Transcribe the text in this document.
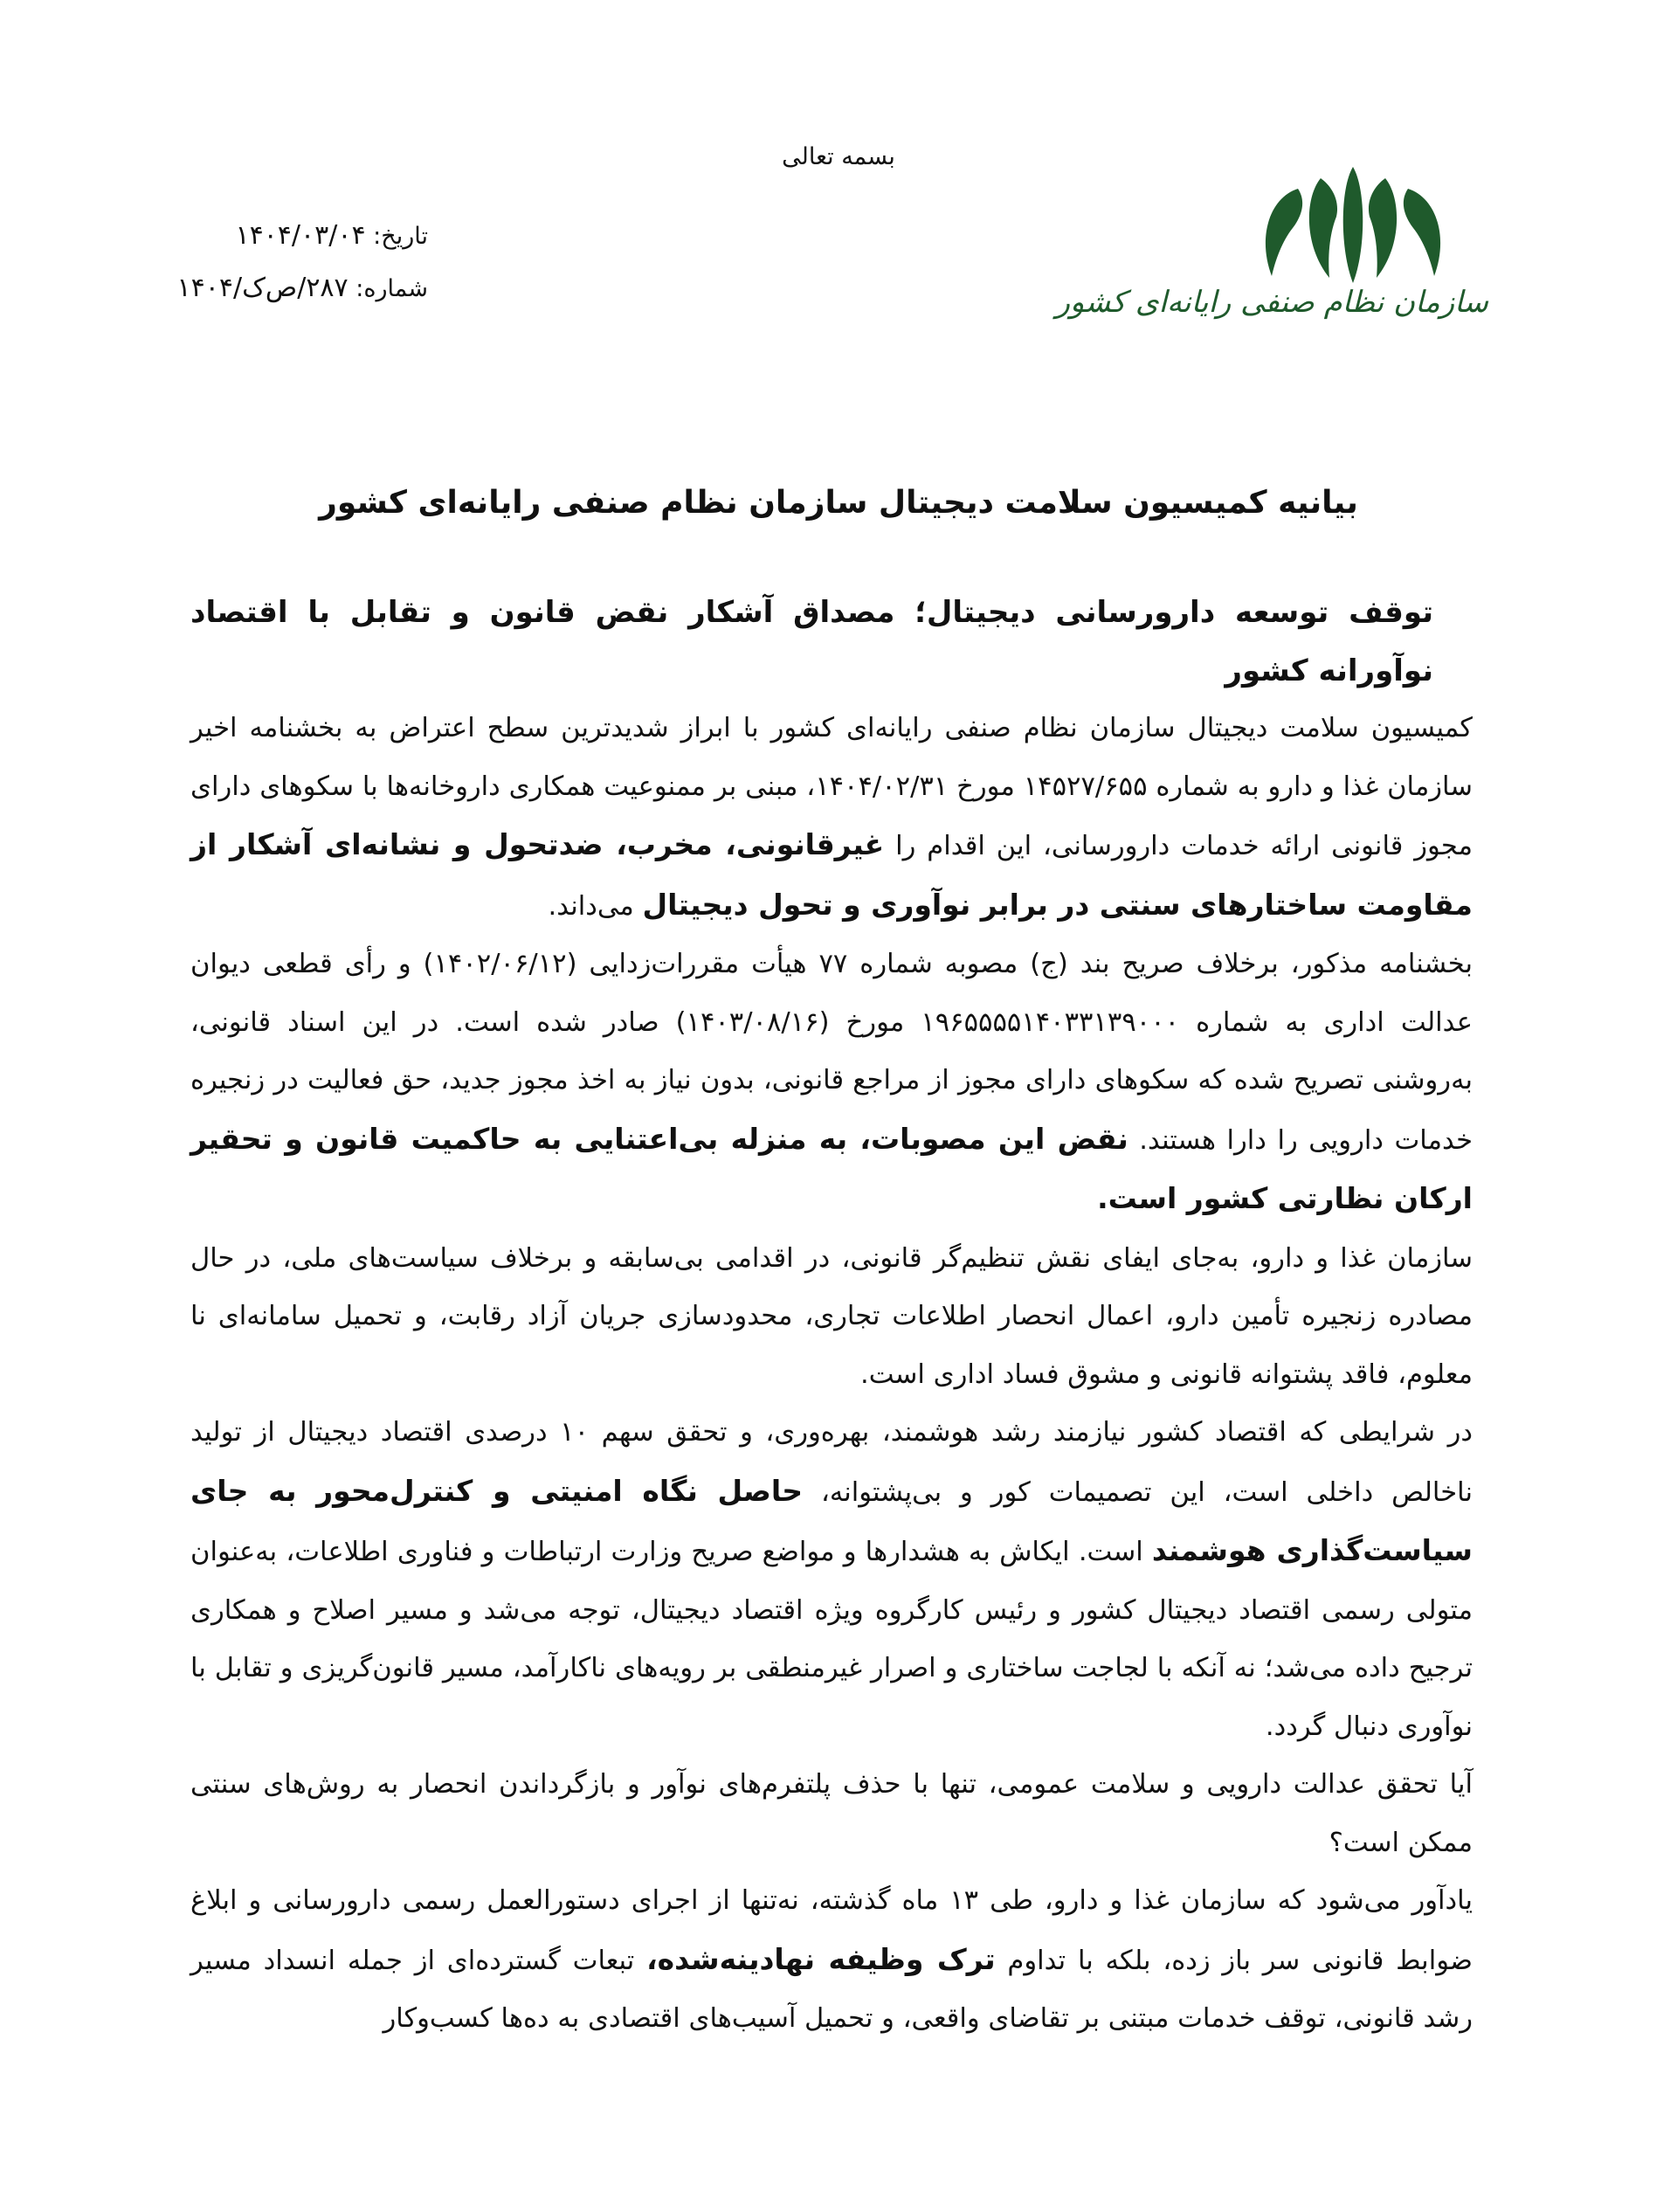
بسمه تعالی
سازمان نظام صنفی رایانه‌ای کشور
تاریخ: ۱۴۰۴/۰۳/۰۴
شماره: ۲۸۷/ص‌ک/۱۴۰۴
بیانیه کمیسیون سلامت دیجیتال سازمان نظام صنفی رایانه‌ای کشور

توقف توسعه دارورسانی دیجیتال؛ مصداق آشکار نقض قانون و تقابل با اقتصاد نوآورانه کشور

کمیسیون سلامت دیجیتال سازمان نظام صنفی رایانه‌ای کشور با ابراز شدیدترین سطح اعتراض به بخشنامه اخیر سازمان غذا و دارو به شماره ۱۴۵۲۷/۶۵۵ مورخ ۱۴۰۴/۰۲/۳۱، مبنی بر ممنوعیت همکاری داروخانه‌ها با سکوهای دارای مجوز قانونی ارائه خدمات دارورسانی، این اقدام را غیرقانونی، مخرب، ضدتحول و نشانه‌ای آشکار از مقاومت ساختارهای سنتی در برابر نوآوری و تحول دیجیتال می‌داند.

بخشنامه مذکور، برخلاف صریح بند (ج) مصوبه شماره ۷۷ هیأت مقررات‌زدایی (۱۴۰۲/۰۶/۱۲) و رأی قطعی دیوان عدالت اداری به شماره ۱۹۶۵۵۵۵۱۴۰۳۳۱۳۹۰۰۰ مورخ (۱۴۰۳/۰۸/۱۶) صادر شده است. در این اسناد قانونی، به‌روشنی تصریح شده که سکوهای دارای مجوز از مراجع قانونی، بدون نیاز به اخذ مجوز جدید، حق فعالیت در زنجیره خدمات دارویی را دارا هستند. نقض این مصوبات، به منزله بی‌اعتنایی به حاکمیت قانون و تحقیر ارکان نظارتی کشور است.

سازمان غذا و دارو، به‌جای ایفای نقش تنظیم‌گر قانونی، در اقدامی بی‌سابقه و برخلاف سیاست‌های ملی، در حال مصادره زنجیره تأمین دارو، اعمال انحصار اطلاعات تجاری، محدودسازی جریان آزاد رقابت، و تحمیل سامانه‌ای نا معلوم، فاقد پشتوانه قانونی و مشوق فساد اداری است.

در شرایطی که اقتصاد کشور نیازمند رشد هوشمند، بهره‌وری، و تحقق سهم ۱۰ درصدی اقتصاد دیجیتال از تولید ناخالص داخلی است، این تصمیمات کور و بی‌پشتوانه، حاصل نگاه امنیتی و کنترل‌محور به جای سیاست‌گذاری هوشمند است. ایکاش به هشدارها و مواضع صریح وزارت ارتباطات و فناوری اطلاعات، به‌عنوان متولی رسمی اقتصاد دیجیتال کشور و رئیس کارگروه ویژه اقتصاد دیجیتال، توجه می‌شد و مسیر اصلاح و همکاری ترجیح داده می‌شد؛ نه آنکه با لجاجت ساختاری و اصرار غیرمنطقی بر رویه‌های ناکارآمد، مسیر قانون‌گریزی و تقابل با نوآوری دنبال گردد.

آیا تحقق عدالت دارویی و سلامت عمومی، تنها با حذف پلتفرم‌های نوآور و بازگرداندن انحصار به روش‌های سنتی ممکن است؟

یادآور می‌شود که سازمان غذا و دارو، طی ۱۳ ماه گذشته، نه‌تنها از اجرای دستورالعمل رسمی دارورسانی و ابلاغ ضوابط قانونی سر باز زده، بلکه با تداوم ترک وظیفه نهادینه‌شده، تبعات گسترده‌ای از جمله انسداد مسیر رشد قانونی، توقف خدمات مبتنی بر تقاضای واقعی، و تحمیل آسیب‌های اقتصادی به ده‌ها کسب‌وکار
